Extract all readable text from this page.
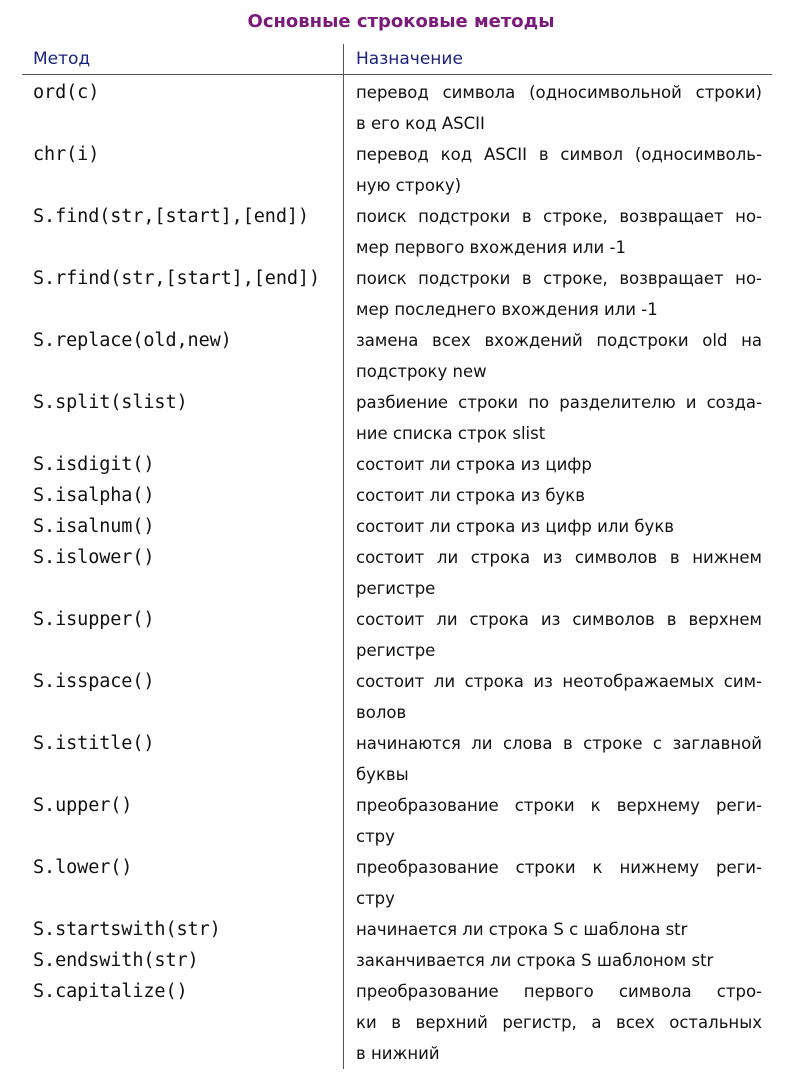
Основные строковые методы
Метод	Назначение
ord(c)	перевод символа (односимвольной строки)
в его код ASCII
chr(i)	перевод код ASCII в символ (односимволь-
ную строку)
S.find(str,[start],[end])	поиск подстроки в строке, возвращает но-
мер первого вхождения или -1
S.rfind(str,[start],[end])	поиск подстроки в строке, возвращает но-
мер последнего вхождения или -1
S.replace(old,new)	замена всех вхождений подстроки old на
подстроку new
S.split(slist)	разбиение строки по разделителю и созда-
ние списка строк slist
S.isdigit()	состоит ли строка из цифр
S.isalpha()	состоит ли строка из букв
S.isalnum()	состоит ли строка из цифр или букв
S.islower()	состоит ли строка из символов в нижнем
регистре
S.isupper()	состоит ли строка из символов в верхнем
регистре
S.isspace()	состоит ли строка из неотображаемых сим-
волов
S.istitle()	начинаются ли слова в строке с заглавной
буквы
S.upper()	преобразование строки к верхнему реги-
стру
S.lower()	преобразование строки к нижнему реги-
стру
S.startswith(str)	начинается ли строка S с шаблона str
S.endswith(str)	заканчивается ли строка S шаблоном str
S.capitalize()	преобразование первого символа стро-
ки в верхний регистр, а всех остальных
в нижний
